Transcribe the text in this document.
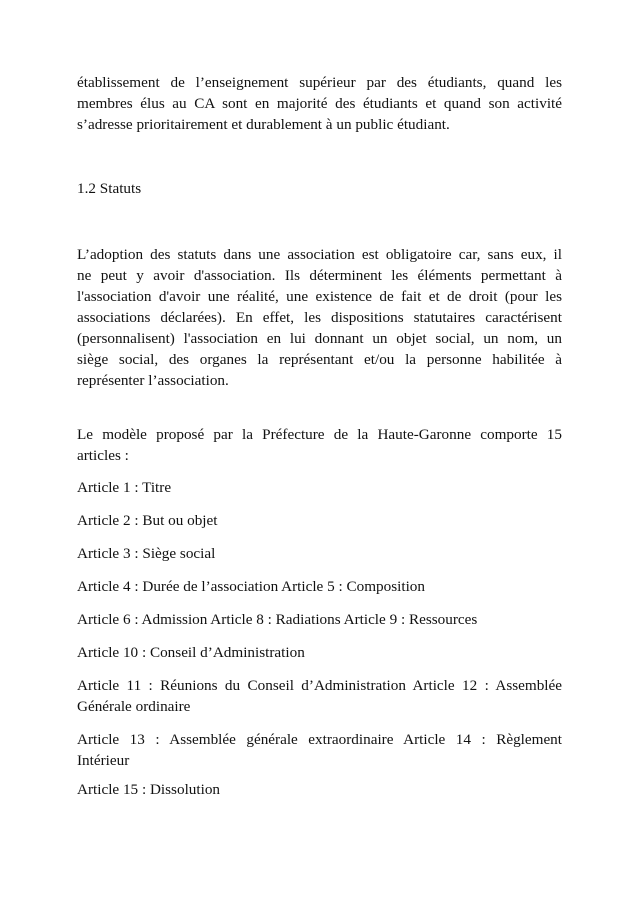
établissement de l’enseignement supérieur par des étudiants, quand les
membres élus au CA sont en majorité des étudiants et quand son activité
s’adresse prioritairement et durablement à un public étudiant.

1.2 Statuts

L’adoption des statuts dans une association est obligatoire car, sans eux, il
ne peut y avoir d'association. Ils déterminent les éléments permettant à
l'association d'avoir une réalité, une existence de fait et de droit (pour les
associations déclarées). En effet, les dispositions statutaires caractérisent
(personnalisent) l'association en lui donnant un objet social, un nom, un
siège social, des organes la représentant et/ou la personne habilitée à
représenter l’association.

Le modèle proposé par la Préfecture de la Haute-Garonne comporte 15
articles :

Article 1 : Titre

Article 2 : But ou objet

Article 3 : Siège social

Article 4 : Durée de l’association Article 5 : Composition

Article 6 : Admission Article 8 : Radiations Article 9 : Ressources

Article 10 : Conseil d’Administration

Article 11 : Réunions du Conseil d’Administration Article 12 : Assemblée
Générale ordinaire

Article 13 : Assemblée générale extraordinaire Article 14 : Règlement
Intérieur

Article 15 : Dissolution
